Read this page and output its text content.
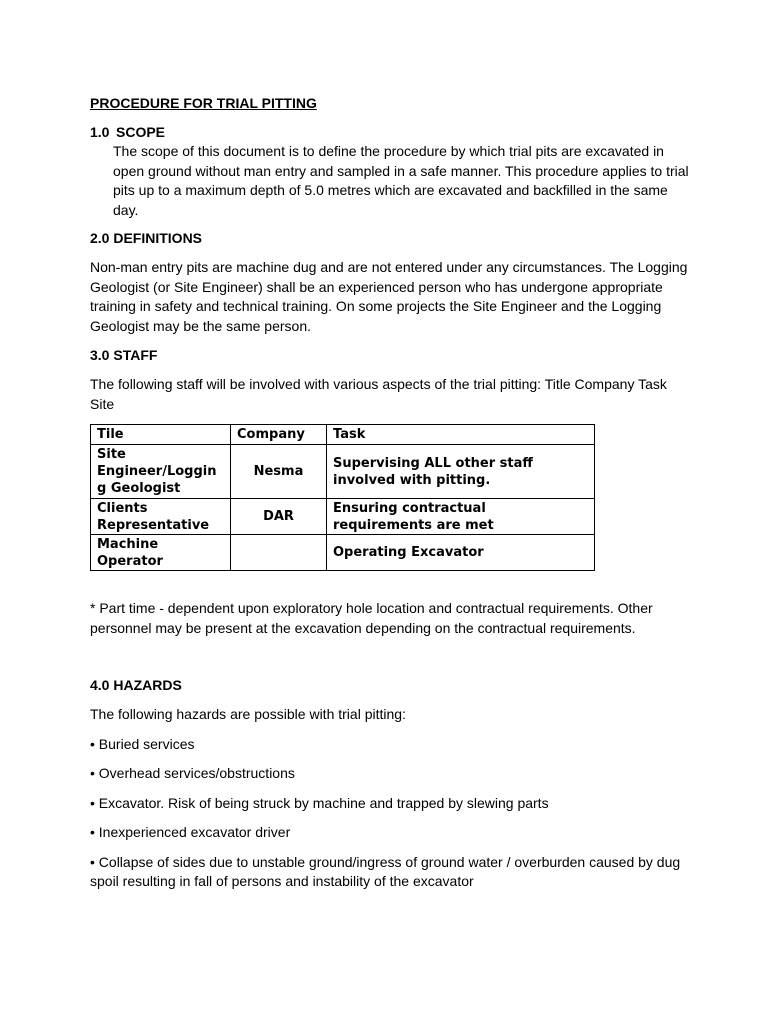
PROCEDURE FOR TRIAL PITTING

1.0 SCOPE

The scope of this document is to define the procedure by which trial pits are excavated in open ground without man entry and sampled in a safe manner. This procedure applies to trial pits up to a maximum depth of 5.0 metres which are excavated and backfilled in the same day.

2.0 DEFINITIONS

Non-man entry pits are machine dug and are not entered under any circumstances. The Logging Geologist (or Site Engineer) shall be an experienced person who has undergone appropriate training in safety and technical training. On some projects the Site Engineer and the Logging Geologist may be the same person.

3.0 STAFF

The following staff will be involved with various aspects of the trial pitting: Title Company Task Site

Tile	Company	Task
Site Engineer/Loggin g Geologist	Nesma	Supervising ALL other staff involved with pitting.
Clients Representative	DAR	Ensuring contractual requirements are met
Machine Operator		Operating Excavator

* Part time - dependent upon exploratory hole location and contractual requirements. Other personnel may be present at the excavation depending on the contractual requirements.

4.0 HAZARDS

The following hazards are possible with trial pitting:

• Buried services
• Overhead services/obstructions
• Excavator. Risk of being struck by machine and trapped by slewing parts
• Inexperienced excavator driver
• Collapse of sides due to unstable ground/ingress of ground water / overburden caused by dug spoil resulting in fall of persons and instability of the excavator
